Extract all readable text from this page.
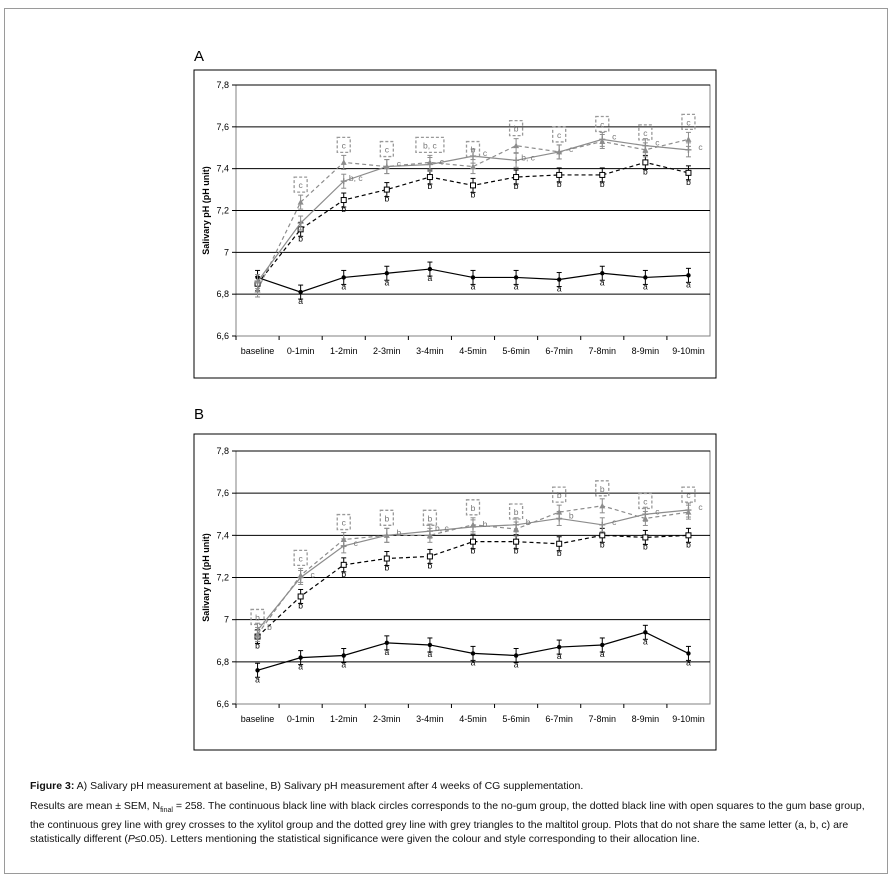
A
B
6,6
6,8
7
7,2
7,4
7,6
7,8
baseline 0-1min 1-2min 2-3min 3-4min 4-5min 5-6min 6-7min 7-8min 8-9min 9-10min
Salivary pH (pH unit)
a
a	a	a
a	a	a
a	a	a
b
b
b
b
b
b	b	b
b
b
b, c
c	c
c	b, c
c
c
c	c
c
c	c	b, c	b
b
c
c
c
c
6,6
6,8
7
7,2
7,4
7,6
7,8
baseline 0-1min 1-2min 2-3min 3-4min 4-5min 5-6min 6-7min 7-8min 8-9min 9-10min
Salivary pH (pH unit)
a
a	a
a	a
a	a
a	a
a
a
b
b
b
b	b
b	b	b
b	b	b
b
c
c
b	b, c	b	b
b
c
c	c
b
c
c	b	b
b	b
b
b
c
c

Figure 3: A) Salivary pH measurement at baseline, B) Salivary pH measurement after 4 weeks of CG supplementation.

Results are mean ± SEM, $N_{final} = 258$. The continuous black line with black circles corresponds to the no-gum group, the dotted black line with open squares to the gum base group, the continuous grey line with grey crosses to the xylitol group and the dotted grey line with grey triangles to the maltitol group. Plots that do not share the same letter (a, b, c) are statistically different (P≤0.05). Letters mentioning the statistical significance were given the colour and style corresponding to their allocation line.
